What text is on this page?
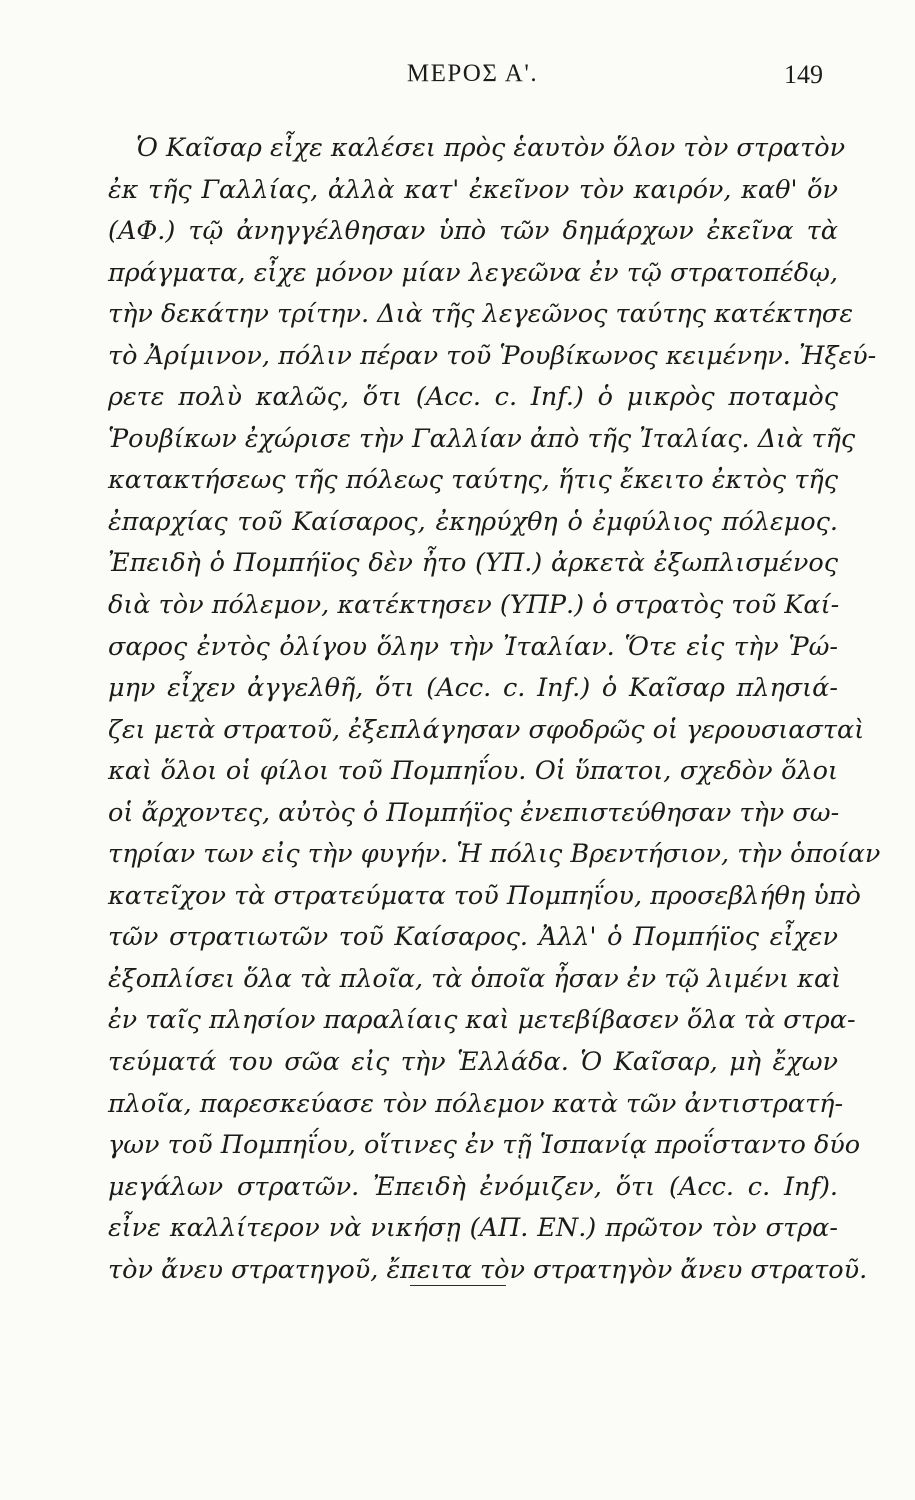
ΜΕΡΟΣ Α'.	149
Ὁ Καῖσαρ εἶχε καλέσει πρὸς ἑαυτὸν ὅλον τὸν στρατὸν
ἐκ τῆς Γαλλίας, ἀλλὰ κατ' ἐκεῖνον τὸν καιρόν, καθ' ὅν
(ΑΦ.) τῷ ἀνηγγέλθησαν ὑπὸ τῶν δημάρχων ἐκεῖνα τὰ
πράγματα, εἶχε μόνον μίαν λεγεῶνα ἐν τῷ στρατοπέδῳ,
τὴν δεκάτην τρίτην. Διὰ τῆς λεγεῶνος ταύτης κατέκτησε
τὸ Ἀρίμινον, πόλιν πέραν τοῦ Ῥουβίκωνος κειμένην. Ἠξεύ-
ρετε πολὺ καλῶς, ὅτι (Acc. c. Inf.) ὁ μικρὸς ποταμὸς
Ῥουβίκων ἐχώρισε τὴν Γαλλίαν ἀπὸ τῆς Ἰταλίας. Διὰ τῆς
κατακτήσεως τῆς πόλεως ταύτης, ἥτις ἔκειτο ἐκτὸς τῆς
ἐπαρχίας τοῦ Καίσαρος, ἐκηρύχθη ὁ ἐμφύλιος πόλεμος.
Ἐπειδὴ ὁ Πομπήϊος δὲν ἦτο (ΥΠ.) ἀρκετὰ ἐξωπλισμένος
διὰ τὸν πόλεμον, κατέκτησεν (ΥΠΡ.) ὁ στρατὸς τοῦ Καί-
σαρος ἐντὸς ὀλίγου ὅλην τὴν Ἰταλίαν. Ὅτε εἰς τὴν Ῥώ-
μην εἶχεν ἀγγελθῆ, ὅτι (Acc. c. Inf.) ὁ Καῖσαρ πλησιά-
ζει μετὰ στρατοῦ, ἐξεπλάγησαν σφοδρῶς οἱ γερουσιασταὶ
καὶ ὅλοι οἱ φίλοι τοῦ Πομπηΐου. Οἱ ὕπατοι, σχεδὸν ὅλοι
οἱ ἄρχοντες, αὐτὸς ὁ Πομπήϊος ἐνεπιστεύθησαν τὴν σω-
τηρίαν των εἰς τὴν φυγήν. Ἡ πόλις Βρεντήσιον, τὴν ὁποίαν
κατεῖχον τὰ στρατεύματα τοῦ Πομπηΐου, προσεβλήθη ὑπὸ
τῶν στρατιωτῶν τοῦ Καίσαρος. Ἀλλ' ὁ Πομπήϊος εἶχεν
ἐξοπλίσει ὅλα τὰ πλοῖα, τὰ ὁποῖα ἦσαν ἐν τῷ λιμένι καὶ
ἐν ταῖς πλησίον παραλίαις καὶ μετεβίβασεν ὅλα τὰ στρα-
τεύματά του σῶα εἰς τὴν Ἑλλάδα. Ὁ Καῖσαρ, μὴ ἔχων
πλοῖα, παρεσκεύασε τὸν πόλεμον κατὰ τῶν ἀντιστρατή-
γων τοῦ Πομπηΐου, οἵτινες ἐν τῇ Ἱσπανίᾳ προΐσταντο δύο
μεγάλων στρατῶν. Ἐπειδὴ ἐνόμιζεν, ὅτι (Acc. c. Inf).
εἶνε καλλίτερον νὰ νικήσῃ (ΑΠ. ΕΝ.) πρῶτον τὸν στρα-
τὸν ἄνευ στρατηγοῦ, ἔπειτα τὸν στρατηγὸν ἄνευ στρατοῦ.
